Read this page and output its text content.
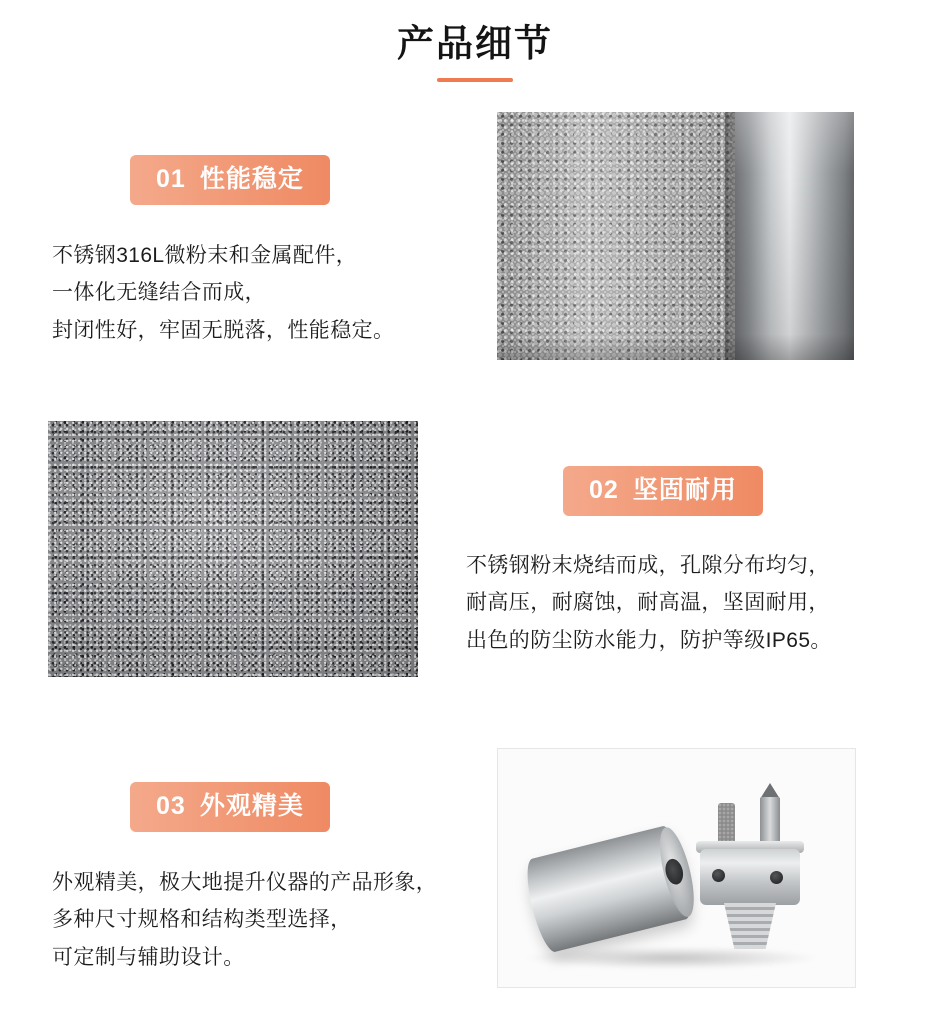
产品细节
01 性能稳定
不锈钢316L微粉末和金属配件，
一体化无缝结合而成，
封闭性好，牢固无脱落，性能稳定。
02 坚固耐用
不锈钢粉末烧结而成，孔隙分布均匀，
耐高压，耐腐蚀，耐高温，坚固耐用，
出色的防尘防水能力，防护等级IP65。
03 外观精美
外观精美，极大地提升仪器的产品形象，
多种尺寸规格和结构类型选择，
可定制与辅助设计。
